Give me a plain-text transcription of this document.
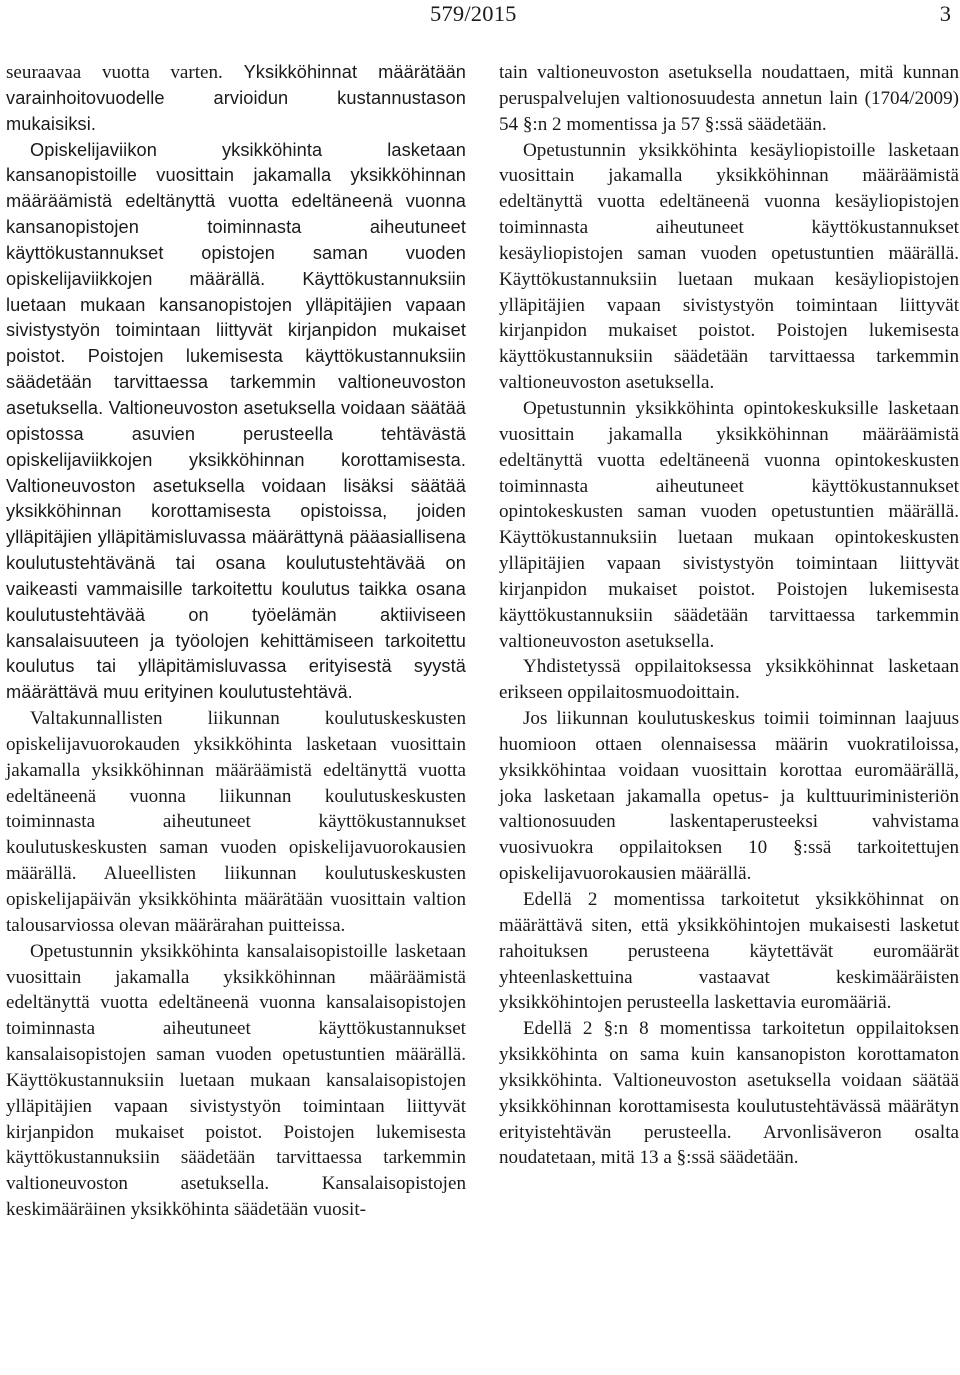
579/2015	3

seuraavaa vuotta varten. Yksikköhinnat määrätään varainhoitovuodelle arvioidun kustannustason mukaisiksi.

Opiskelijaviikon yksikköhinta lasketaan kansanopistoille vuosittain jakamalla yksikköhinnan määräämistä edeltänyttä vuotta edeltäneenä vuonna kansanopistojen toiminnasta aiheutuneet käyttökustannukset opistojen saman vuoden opiskelijaviikkojen määrällä. Käyttökustannuksiin luetaan mukaan kansanopistojen ylläpitäjien vapaan sivistystyön toimintaan liittyvät kirjanpidon mukaiset poistot. Poistojen lukemisesta käyttökustannuksiin säädetään tarvittaessa tarkemmin valtioneuvoston asetuksella. Valtioneuvoston asetuksella voidaan säätää opistossa asuvien perusteella tehtävästä opiskelijaviikkojen yksikköhinnan korottamisesta. Valtioneuvoston asetuksella voidaan lisäksi säätää yksikköhinnan korottamisesta opistoissa, joiden ylläpitäjien ylläpitämisluvassa määrättynä pääasiallisena koulutustehtävänä tai osana koulutustehtävää on vaikeasti vammaisille tarkoitettu koulutus taikka osana koulutustehtävää on työelämän aktiiviseen kansalaisuuteen ja työolojen kehittämiseen tarkoitettu koulutus tai ylläpitämisluvassa erityisestä syystä määrättävä muu erityinen koulutustehtävä.

Valtakunnallisten liikunnan koulutuskeskusten opiskelijavuorokauden yksikköhinta lasketaan vuosittain jakamalla yksikköhinnan määräämistä edeltänyttä vuotta edeltäneenä vuonna liikunnan koulutuskeskusten toiminnasta aiheutuneet käyttökustannukset koulutuskeskusten saman vuoden opiskelijavuorokausien määrällä. Alueellisten liikunnan koulutuskeskusten opiskelijapäivän yksikköhinta määrätään vuosittain valtion talousarviossa olevan määrärahan puitteissa.

Opetustunnin yksikköhinta kansalaisopistoille lasketaan vuosittain jakamalla yksikköhinnan määräämistä edeltänyttä vuotta edeltäneenä vuonna kansalaisopistojen toiminnasta aiheutuneet käyttökustannukset kansalaisopistojen saman vuoden opetustuntien määrällä. Käyttökustannuksiin luetaan mukaan kansalaisopistojen ylläpitäjien vapaan sivistystyön toimintaan liittyvät kirjanpidon mukaiset poistot. Poistojen lukemisesta käyttökustannuksiin säädetään tarvittaessa tarkemmin valtioneuvoston asetuksella. Kansalaisopistojen keskimääräinen yksikköhinta säädetään vuosit-

tain valtioneuvoston asetuksella noudattaen, mitä kunnan peruspalvelujen valtionosuudesta annetun lain (1704/2009) 54 §:n 2 momentissa ja 57 §:ssä säädetään.

Opetustunnin yksikköhinta kesäyliopistoille lasketaan vuosittain jakamalla yksikköhinnan määräämistä edeltänyttä vuotta edeltäneenä vuonna kesäyliopistojen toiminnasta aiheutuneet käyttökustannukset kesäyliopistojen saman vuoden opetustuntien määrällä. Käyttökustannuksiin luetaan mukaan kesäyliopistojen ylläpitäjien vapaan sivistystyön toimintaan liittyvät kirjanpidon mukaiset poistot. Poistojen lukemisesta käyttökustannuksiin säädetään tarvittaessa tarkemmin valtioneuvoston asetuksella.

Opetustunnin yksikköhinta opintokeskuksille lasketaan vuosittain jakamalla yksikköhinnan määräämistä edeltänyttä vuotta edeltäneenä vuonna opintokeskusten toiminnasta aiheutuneet käyttökustannukset opintokeskusten saman vuoden opetustuntien määrällä. Käyttökustannuksiin luetaan mukaan opintokeskusten ylläpitäjien vapaan sivistystyön toimintaan liittyvät kirjanpidon mukaiset poistot. Poistojen lukemisesta käyttökustannuksiin säädetään tarvittaessa tarkemmin valtioneuvoston asetuksella.

Yhdistetyssä oppilaitoksessa yksikköhinnat lasketaan erikseen oppilaitosmuodoittain.

Jos liikunnan koulutuskeskus toimii toiminnan laajuus huomioon ottaen olennaisessa määrin vuokratiloissa, yksikköhintaa voidaan vuosittain korottaa euromäärällä, joka lasketaan jakamalla opetus- ja kulttuuriministeriön valtionosuuden laskentaperusteeksi vahvistama vuosivuokra oppilaitoksen 10 §:ssä tarkoitettujen opiskelijavuorokausien määrällä.

Edellä 2 momentissa tarkoitetut yksikköhinnat on määrättävä siten, että yksikköhintojen mukaisesti lasketut rahoituksen perusteena käytettävät euromäärät yhteenlaskettuina vastaavat keskimääräisten yksikköhintojen perusteella laskettavia euromääriä.

Edellä 2 §:n 8 momentissa tarkoitetun oppilaitoksen yksikköhinta on sama kuin kansanopiston korottamaton yksikköhinta. Valtioneuvoston asetuksella voidaan säätää yksikköhinnan korottamisesta koulutustehtävässä määrätyn erityistehtävän perusteella. Arvonlisäveron osalta noudatetaan, mitä 13 a §:ssä säädetään.
